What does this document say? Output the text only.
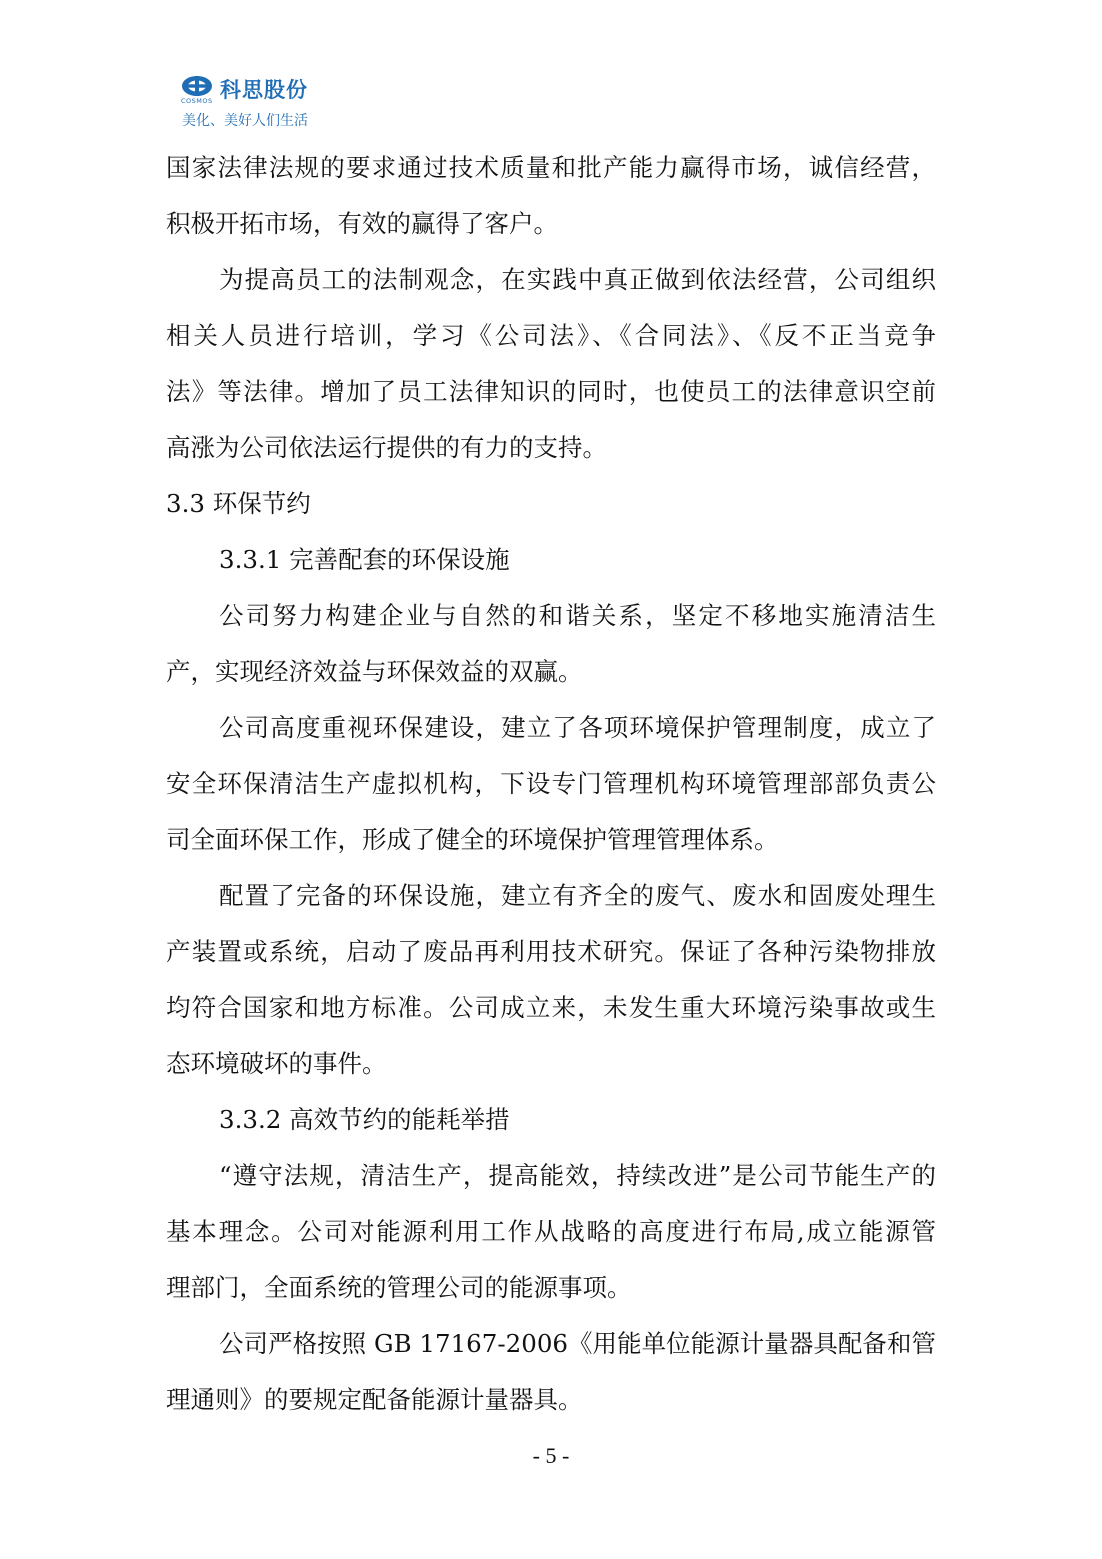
COSMOS 科思股份
美化、美好人们生活
国家法律法规的要求通过技术质量和批产能力赢得市场，诚信经营，
积极开拓市场，有效的赢得了客户。
为提高员工的法制观念，在实践中真正做到依法经营，公司组织
相关人员进行培训，学习《公司法》、《合同法》、《反不正当竞争
法》等法律。增加了员工法律知识的同时，也使员工的法律意识空前
高涨为公司依法运行提供的有力的支持。
3.3 环保节约
3.3.1 完善配套的环保设施
公司努力构建企业与自然的和谐关系，坚定不移地实施清洁生
产，实现经济效益与环保效益的双赢。
公司高度重视环保建设，建立了各项环境保护管理制度，成立了
安全环保清洁生产虚拟机构，下设专门管理机构环境管理部部负责公
司全面环保工作，形成了健全的环境保护管理管理体系。
配置了完备的环保设施，建立有齐全的废气、废水和固废处理生
产装置或系统，启动了废品再利用技术研究。保证了各种污染物排放
均符合国家和地方标准。公司成立来，未发生重大环境污染事故或生
态环境破坏的事件。
3.3.2 高效节约的能耗举措
“遵守法规，清洁生产，提高能效，持续改进”是公司节能生产的
基本理念。公司对能源利用工作从战略的高度进行布局,成立能源管
理部门，全面系统的管理公司的能源事项。
公司严格按照 GB 17167-2006《用能单位能源计量器具配备和管
理通则》的要规定配备能源计量器具。
- 5 -
